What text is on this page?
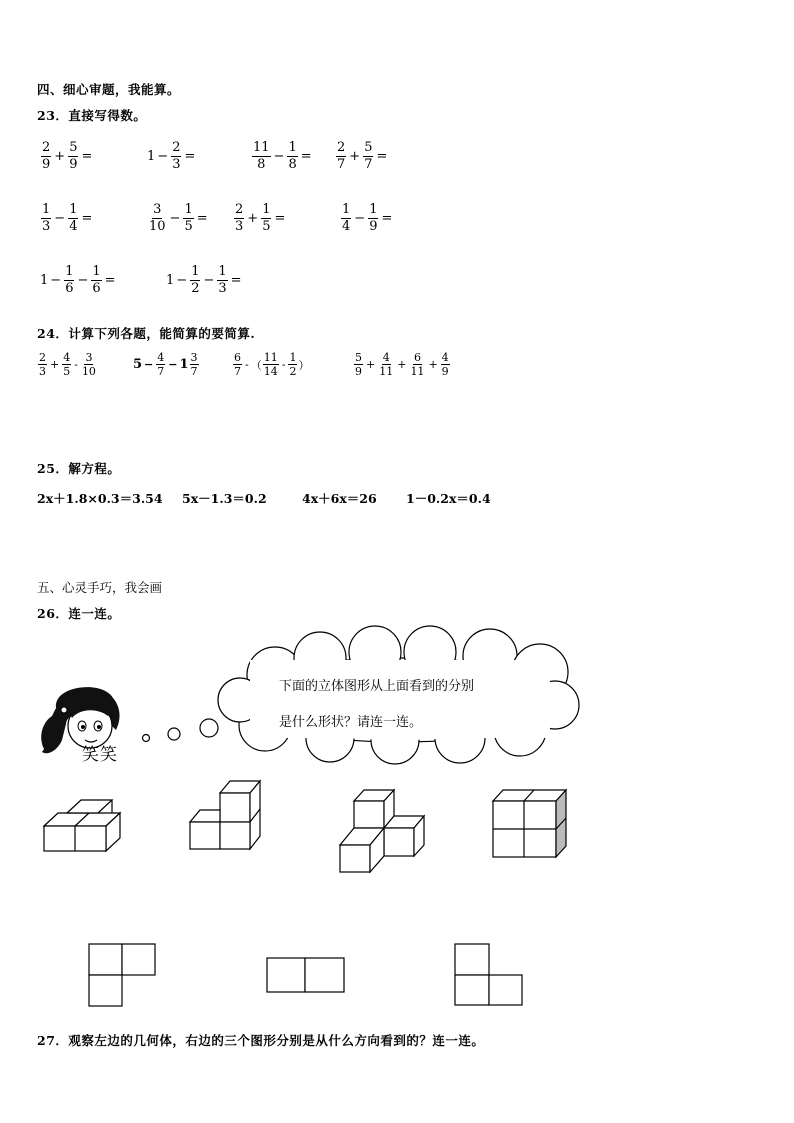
四、细心审题，我能算。
23．直接写得数。
$\frac{2}{9} + \frac{5}{9}$ =	$1 - \frac{2}{3}$ =	$\frac{11}{8} - \frac{1}{8} = \frac{2}{7} + \frac{5}{7}$ =
$\frac{1}{3} - \frac{1}{4}$ =	$\frac{3}{10} - \frac{1}{5} = \frac{2}{3} + \frac{1}{5}$ =	$\frac{1}{4} - \frac{1}{9}$ =
$1 - \frac{1}{6} - \frac{1}{6}$ =	$1 - \frac{1}{2} - \frac{1}{3}$ =
24．计算下列各题，能简算的要简算.
$\frac{2}{3} + \frac{4}{5} - \frac{3}{10}$	$5 - \frac{4}{7} - 1 \frac{3}{7}$	$\frac{6}{7}$ - （ $\frac{11}{14} - \frac{1}{2}$ ）	$\frac{5}{9} + \frac{4}{11} + \frac{6}{11} + \frac{4}{9}$
25．解方程。
2x＋1.8×0.3＝3.54 5x－1.3＝0.2	4x＋6x＝26 1－0.2x＝0.4
五、心灵手巧，我会画
26．连一连。
下面的立体图形从上面看到的分别
是什么形状？请连一连。
笑笑
27．观察左边的几何体，右边的三个图形分别是从什么方向看到的？连一连。
